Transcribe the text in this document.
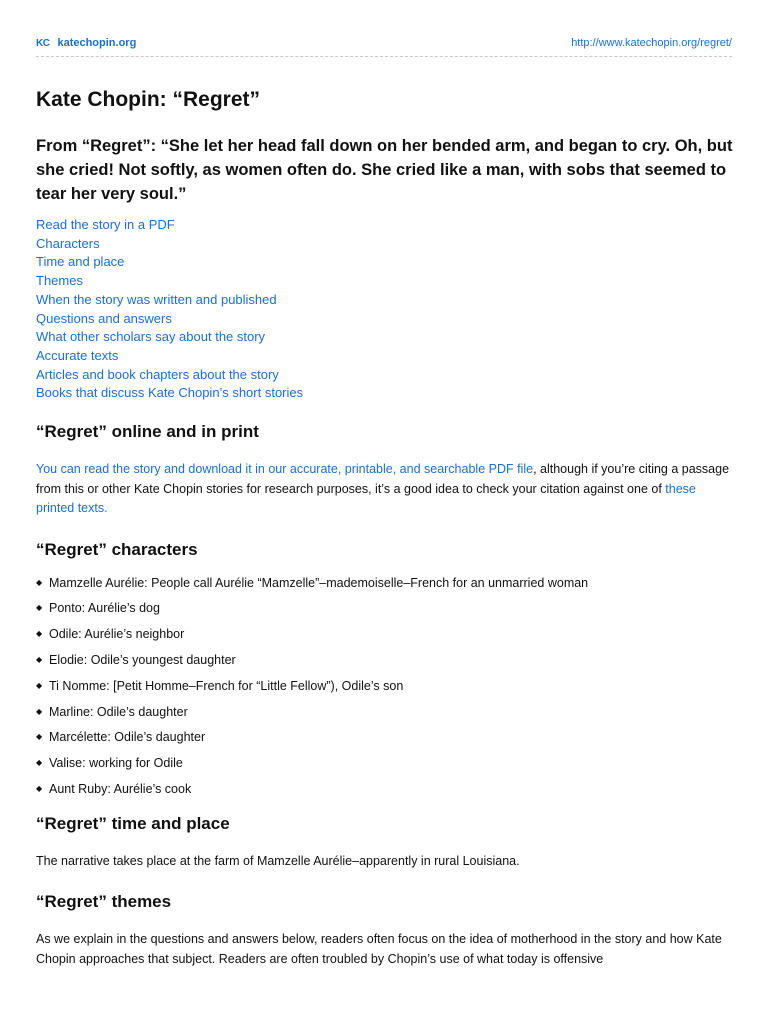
KC katechopin.org	http://www.katechopin.org/regret/
Kate Chopin: “Regret”

From “Regret”: “She let her head fall down on her bended arm, and began to cry. Oh, but she cried! Not softly, as women often do. She cried like a man, with sobs that seemed to tear her very soul.”

Read the story in a PDF
Characters
Time and place
Themes
When the story was written and published
Questions and answers
What other scholars say about the story
Accurate texts
Articles and book chapters about the story
Books that discuss Kate Chopin’s short stories
“Regret” online and in print

You can read the story and download it in our accurate, printable, and searchable PDF file, although if you’re citing a passage from this or other Kate Chopin stories for research purposes, it’s a good idea to check your citation against one of these printed texts.

“Regret” characters
◆ Mamzelle Aurélie: People call Aurélie “Mamzelle”–mademoiselle–French for an unmarried woman
◆ Ponto: Aurélie’s dog
◆ Odile: Aurélie’s neighbor
◆ Elodie: Odile’s youngest daughter
◆ Ti Nomme: [Petit Homme–French for “Little Fellow”), Odile’s son
◆ Marline: Odile’s daughter
◆ Marcélette: Odile’s daughter
◆ Valise: working for Odile
◆ Aunt Ruby: Aurélie’s cook
“Regret” time and place

The narrative takes place at the farm of Mamzelle Aurélie–apparently in rural Louisiana.

“Regret” themes

As we explain in the questions and answers below, readers often focus on the idea of motherhood in the story and how Kate Chopin approaches that subject. Readers are often troubled by Chopin’s use of what today is offensive
